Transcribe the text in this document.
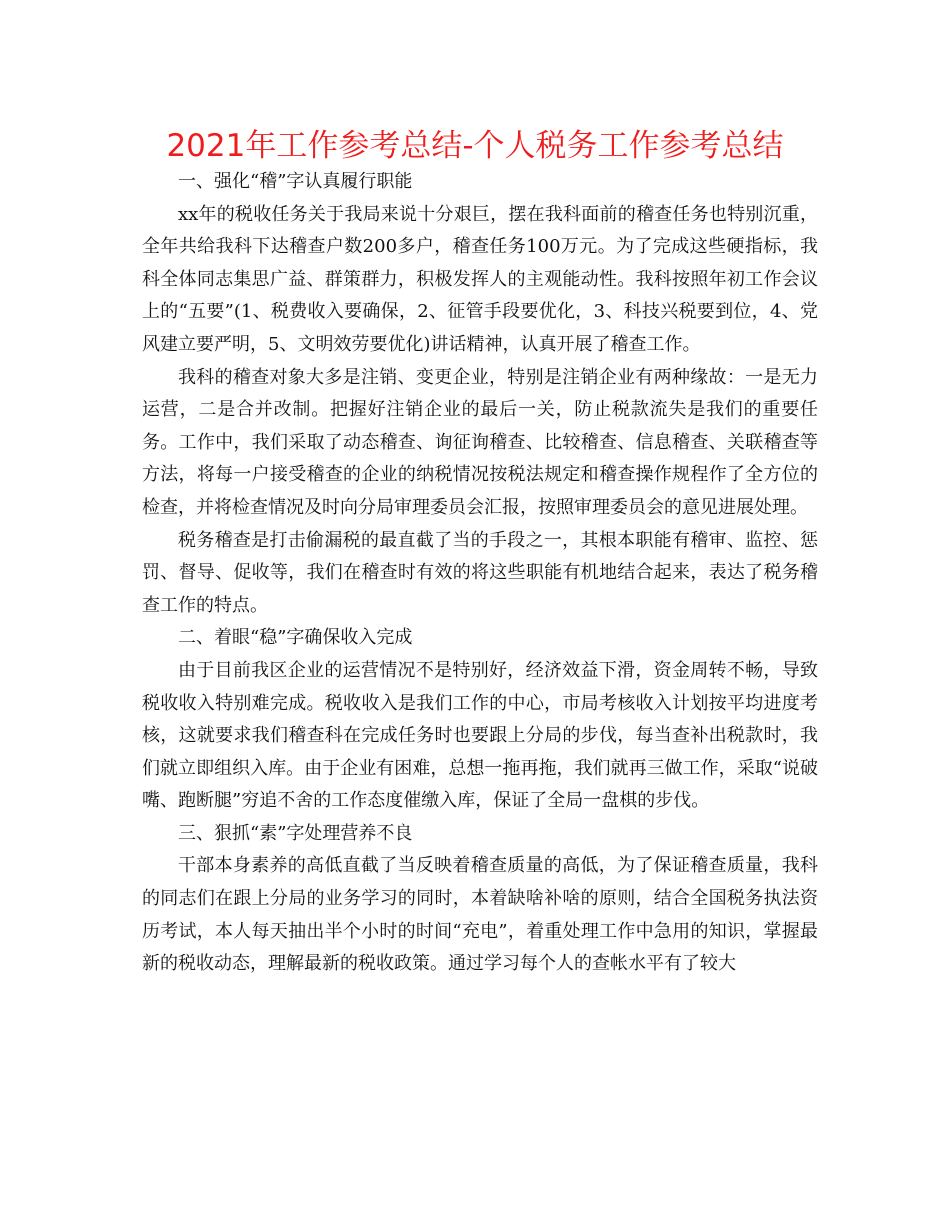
2021年工作参考总结-个人税务工作参考总结

一、强化“稽”字认真履行职能

xx年的税收任务关于我局来说十分艰巨，摆在我科面前的稽查任务也特别沉重，全年共给我科下达稽查户数200多户，稽查任务100万元。为了完成这些硬指标，我科全体同志集思广益、群策群力，积极发挥人的主观能动性。我科按照年初工作会议上的“五要”(1、税费收入要确保，2、征管手段要优化，3、科技兴税要到位，4、党风建立要严明，5、文明效劳要优化)讲话精神，认真开展了稽查工作。

我科的稽查对象大多是注销、变更企业，特别是注销企业有两种缘故：一是无力运营，二是合并改制。把握好注销企业的最后一关，防止税款流失是我们的重要任务。工作中，我们采取了动态稽查、询征询稽查、比较稽查、信息稽查、关联稽查等方法，将每一户接受稽查的企业的纳税情况按税法规定和稽查操作规程作了全方位的检查，并将检查情况及时向分局审理委员会汇报，按照审理委员会的意见进展处理。

税务稽查是打击偷漏税的最直截了当的手段之一，其根本职能有稽审、监控、惩罚、督导、促收等，我们在稽查时有效的将这些职能有机地结合起来，表达了税务稽查工作的特点。

二、着眼“稳”字确保收入完成

由于目前我区企业的运营情况不是特别好，经济效益下滑，资金周转不畅，导致税收收入特别难完成。税收收入是我们工作的中心，市局考核收入计划按平均进度考核，这就要求我们稽查科在完成任务时也要跟上分局的步伐，每当查补出税款时，我们就立即组织入库。由于企业有困难，总想一拖再拖，我们就再三做工作，采取“说破嘴、跑断腿”穷追不舍的工作态度催缴入库，保证了全局一盘棋的步伐。

三、狠抓“素”字处理营养不良

干部本身素养的高低直截了当反映着稽查质量的高低，为了保证稽查质量，我科的同志们在跟上分局的业务学习的同时，本着缺啥补啥的原则，结合全国税务执法资历考试，本人每天抽出半个小时的时间“充电”，着重处理工作中急用的知识，掌握最新的税收动态，理解最新的税收政策。通过学习每个人的查帐水平有了较大
